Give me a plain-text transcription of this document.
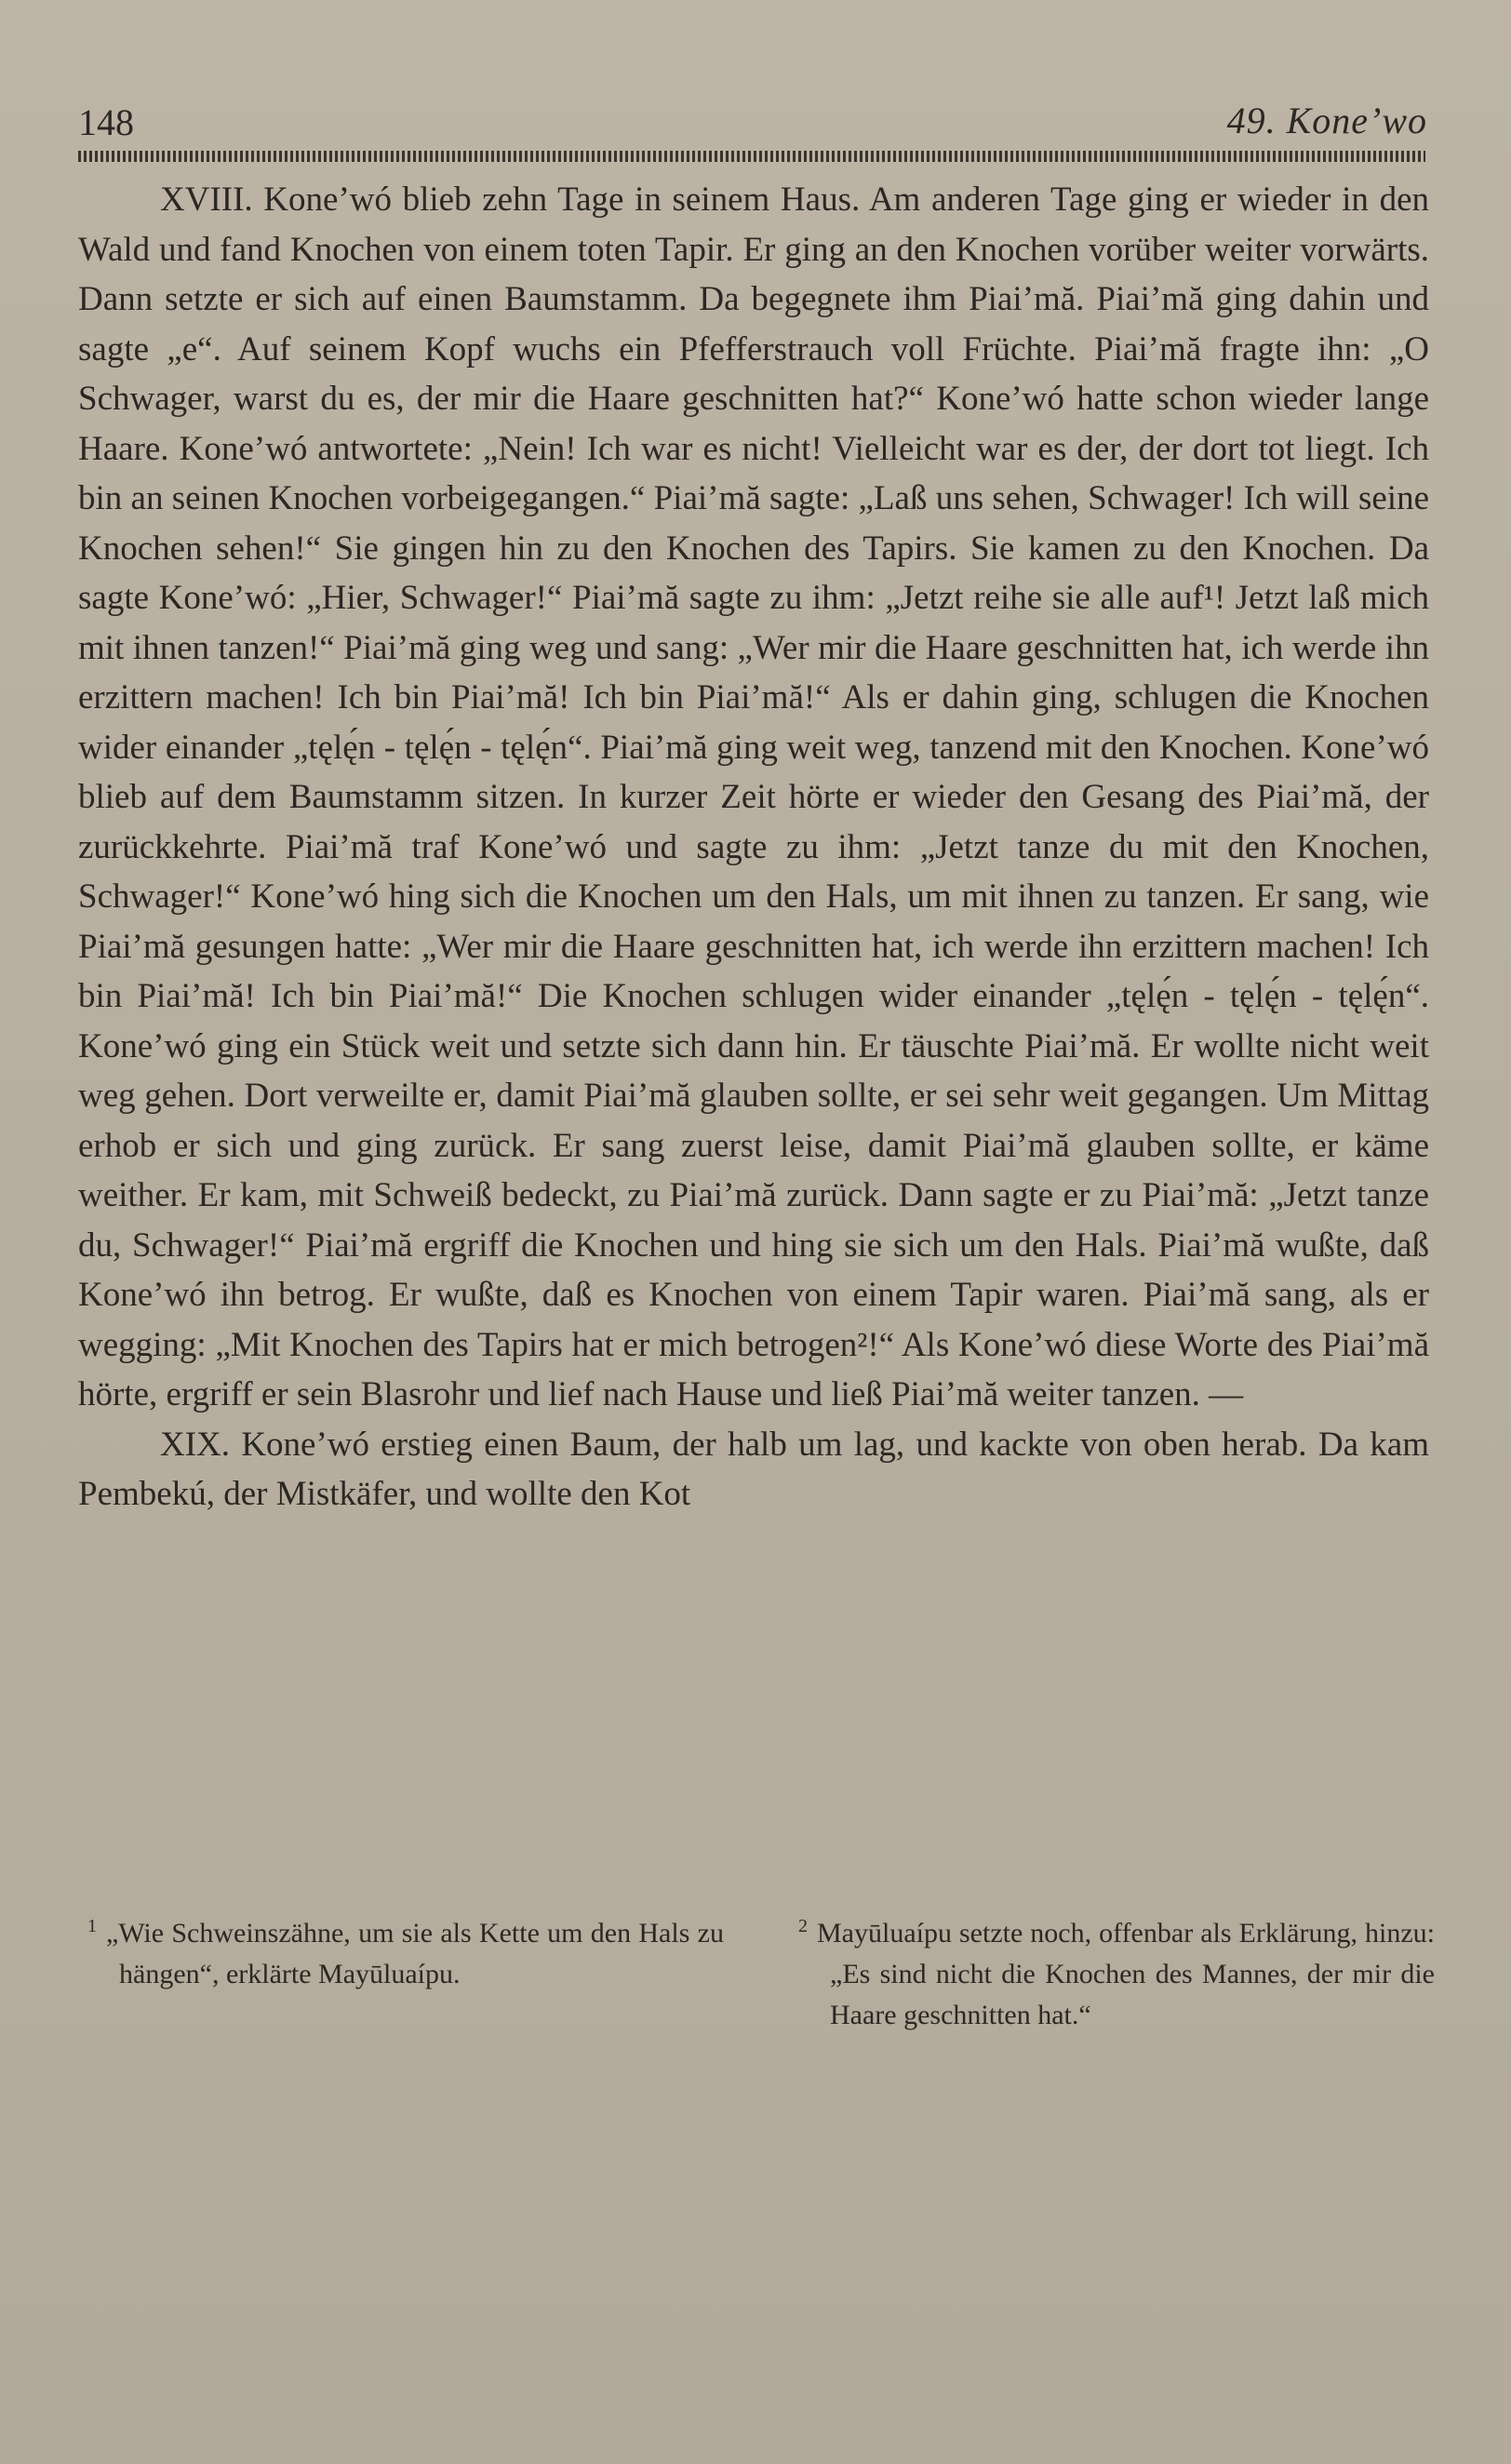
148	49. Kone’wo

XVIII. Kone’wó blieb zehn Tage in seinem Haus. Am anderen Tage ging er wieder in den Wald und fand Knochen von einem toten Tapir. Er ging an den Knochen vorüber weiter vorwärts. Dann setzte er sich auf einen Baumstamm. Da begegnete ihm Piai’mă. Piai’mă ging dahin und sagte „e“. Auf seinem Kopf wuchs ein Pfefferstrauch voll Früchte. Piai’mă fragte ihn: „O Schwager, warst du es, der mir die Haare geschnitten hat?“ Kone’wó hatte schon wieder lange Haare. Kone’wó antwortete: „Nein! Ich war es nicht! Vielleicht war es der, der dort tot liegt. Ich bin an seinen Knochen vorbeigegangen.“ Piai’mă sagte: „Laß uns sehen, Schwager! Ich will seine Knochen sehen!“ Sie gingen hin zu den Knochen des Tapirs. Sie kamen zu den Knochen. Da sagte Kone’wó: „Hier, Schwager!“ Piai’mă sagte zu ihm: „Jetzt reihe sie alle auf¹! Jetzt laß mich mit ihnen tanzen!“ Piai’mă ging weg und sang: „Wer mir die Haare geschnitten hat, ich werde ihn erzittern machen! Ich bin Piai’mă! Ich bin Piai’mă!“ Als er dahin ging, schlugen die Knochen wider einander „tęlę́n - tęlę́n - tęlę́n“. Piai’mă ging weit weg, tanzend mit den Knochen. Kone’wó blieb auf dem Baumstamm sitzen. In kurzer Zeit hörte er wieder den Gesang des Piai’mă, der zurückkehrte. Piai’mă traf Kone’wó und sagte zu ihm: „Jetzt tanze du mit den Knochen, Schwager!“ Kone’wó hing sich die Knochen um den Hals, um mit ihnen zu tanzen. Er sang, wie Piai’mă gesungen hatte: „Wer mir die Haare geschnitten hat, ich werde ihn erzittern machen! Ich bin Piai’mă! Ich bin Piai’mă!“ Die Knochen schlugen wider einander „tęlę́n - tęlę́n - tęlę́n“. Kone’wó ging ein Stück weit und setzte sich dann hin. Er täuschte Piai’mă. Er wollte nicht weit weg gehen. Dort verweilte er, damit Piai’mă glauben sollte, er sei sehr weit gegangen. Um Mittag erhob er sich und ging zurück. Er sang zuerst leise, damit Piai’mă glauben sollte, er käme weither. Er kam, mit Schweiß bedeckt, zu Piai’mă zurück. Dann sagte er zu Piai’mă: „Jetzt tanze du, Schwager!“ Piai’mă ergriff die Knochen und hing sie sich um den Hals. Piai’mă wußte, daß Kone’wó ihn betrog. Er wußte, daß es Knochen von einem Tapir waren. Piai’mă sang, als er wegging: „Mit Knochen des Tapirs hat er mich betrogen²!“ Als Kone’wó diese Worte des Piai’mă hörte, ergriff er sein Blasrohr und lief nach Hause und ließ Piai’mă weiter tanzen. —

XIX. Kone’wó erstieg einen Baum, der halb um lag, und kackte von oben herab. Da kam Pembekú, der Mistkäfer, und wollte den Kot

$^1$ „Wie Schweinszähne, um sie als Kette um den Hals zu hängen“, erklärte Mayūluaípu.

$^2$ Mayūluaípu setzte noch, offenbar als Erklärung, hinzu: „Es sind nicht die Knochen des Mannes, der mir die Haare geschnitten hat.“
